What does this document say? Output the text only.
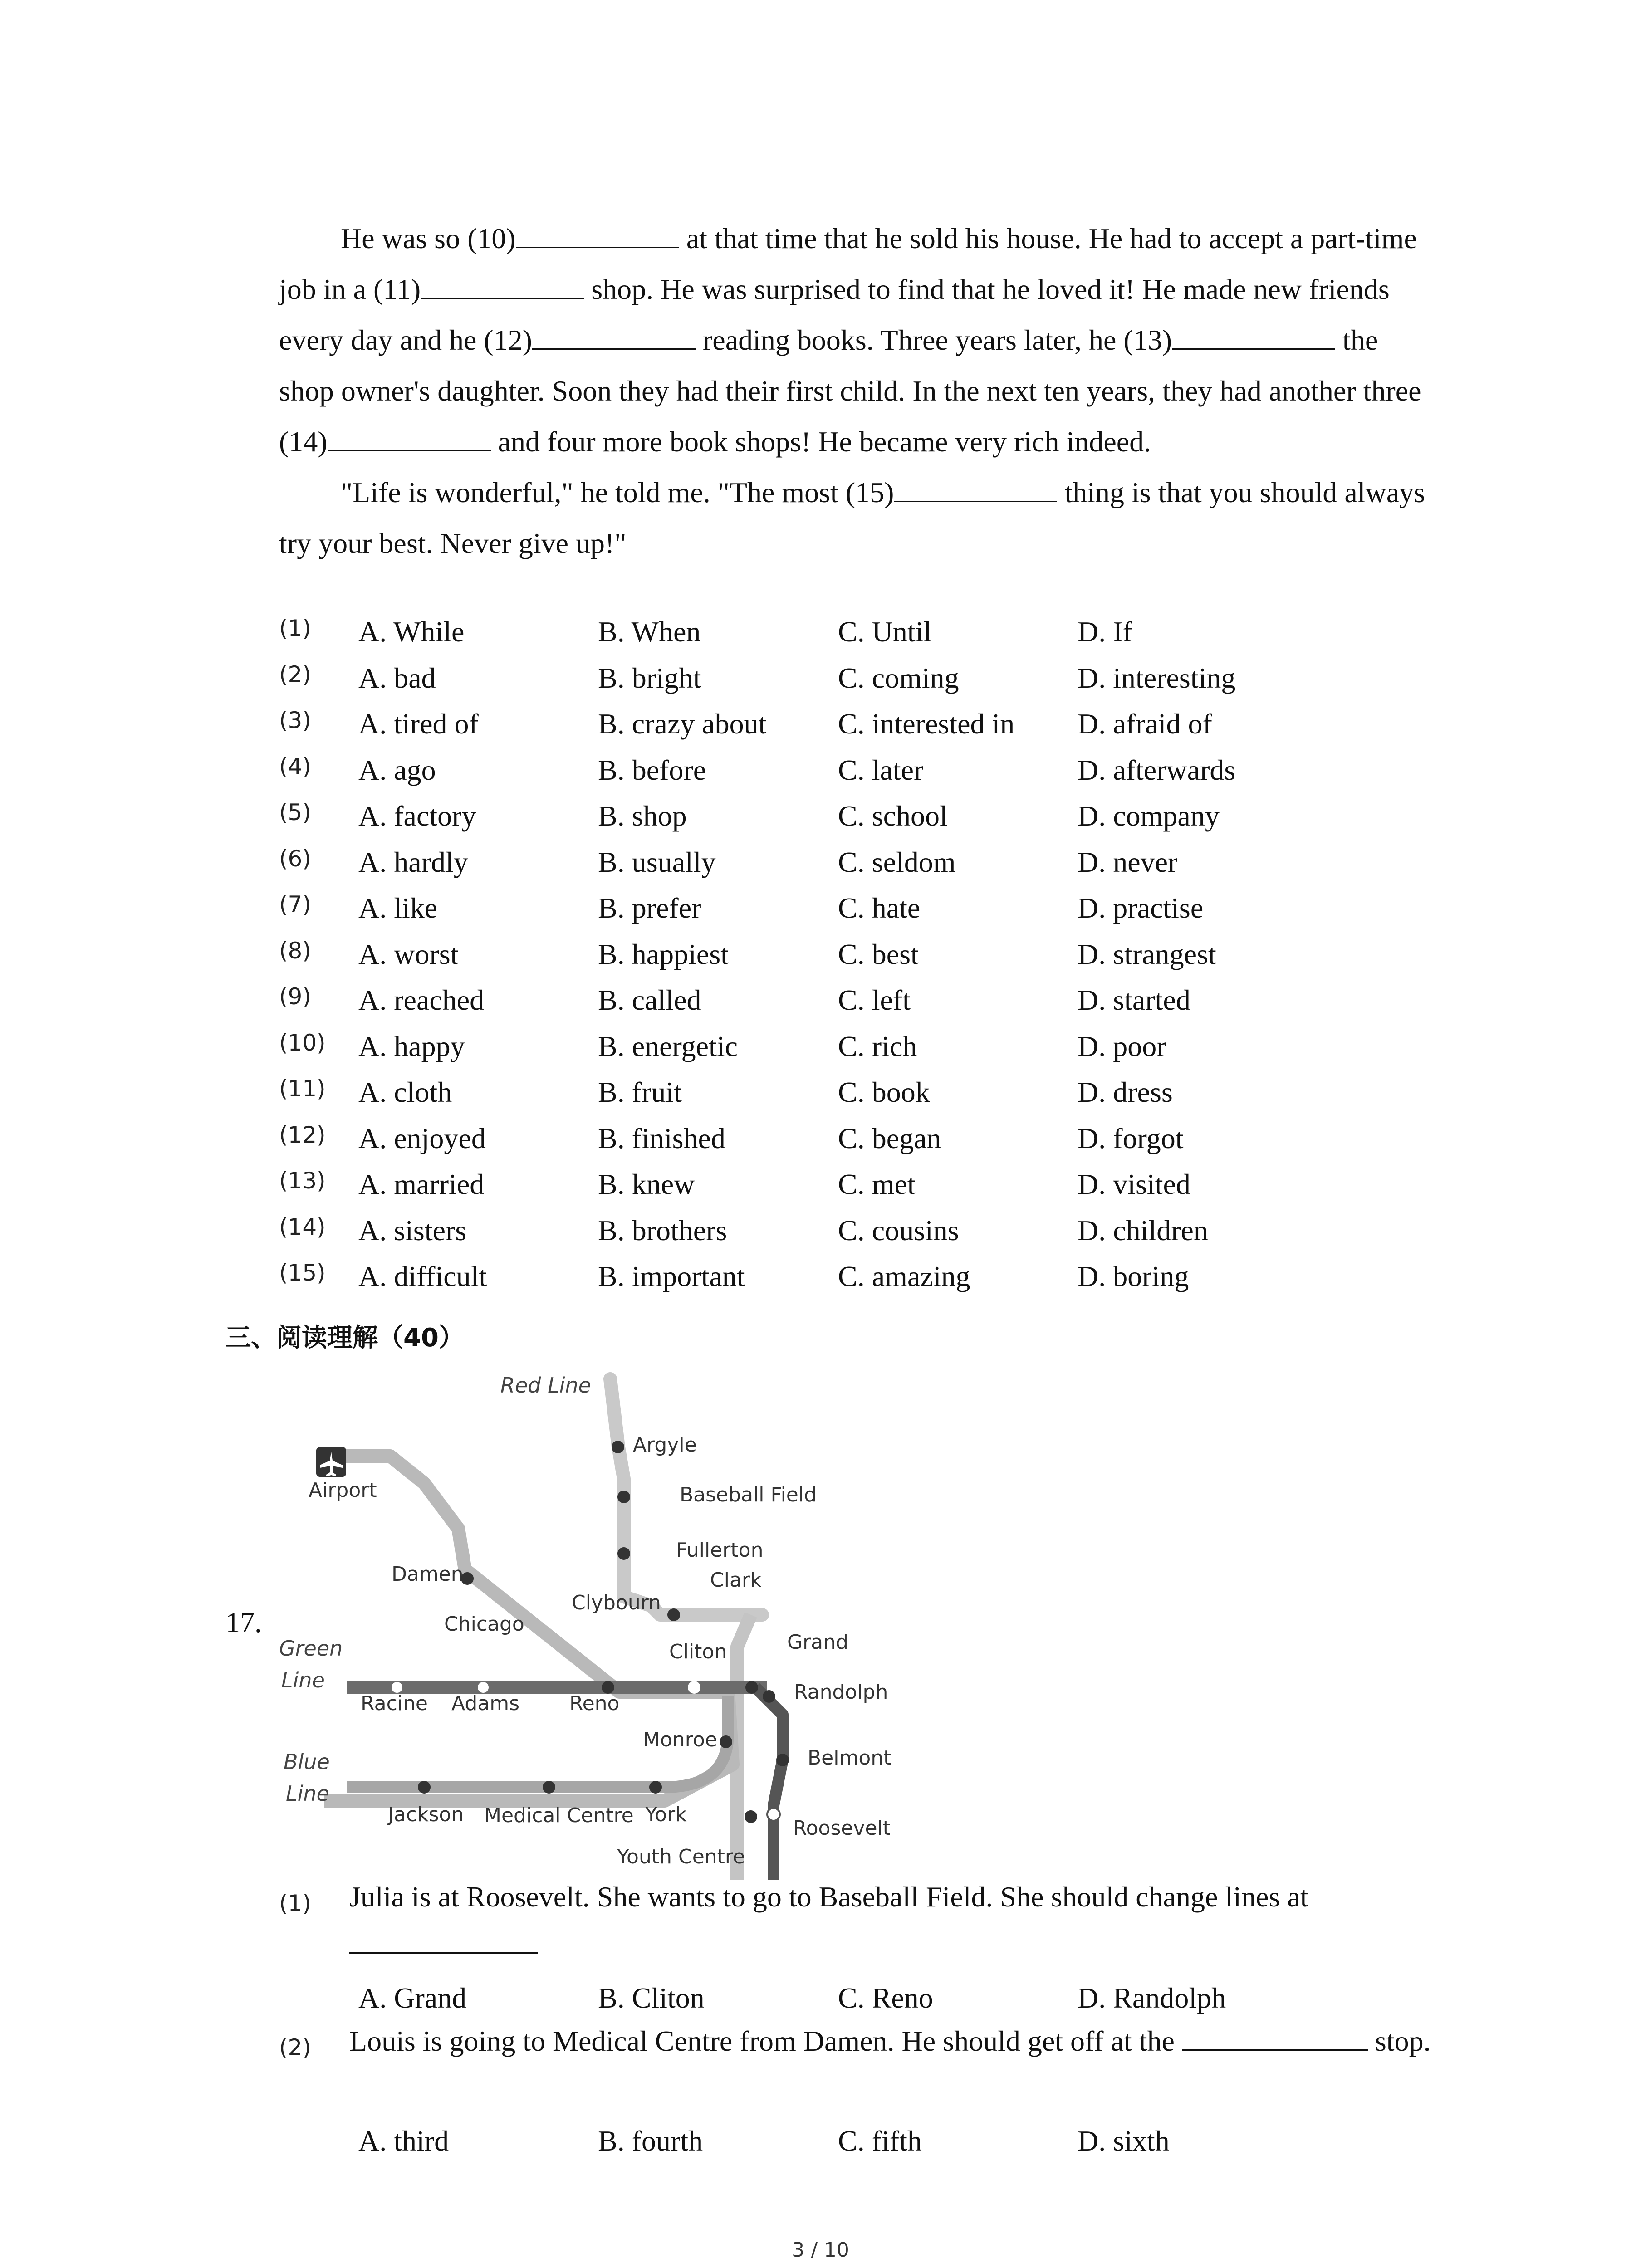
He was so (10)	at that time that he sold his house. He had to accept a part-time job in a (11)	shop. He was surprised to find that he loved it! He made new friends every day and he (12)	reading books. Three years later, he (13)	the shop owner's daughter. Soon they had their first child. In the next ten years, they had another three (14)	and four more book shops! He became very rich indeed.

"Life is wonderful," he told me. "The most (15)	thing is that you should always try your best. Never give up!"

(1) A. While	B. When	C. Until	D. If
(2) A. bad	B. bright	C. coming	D. interesting
(3) A. tired of	B. crazy about C. interested in D. afraid of
(4) A. ago	B. before	C. later	D. afterwards
(5) A. factory	B. shop	C. school	D. company
(6) A. hardly	B. usually	C. seldom	D. never
(7) A. like	B. prefer	C. hate	D. practise
(8) A. worst	B. happiest	C. best	D. strangest
(9) A. reached	B. called	C. left	D. started
(10) A. happy	B. energetic	C. rich	D. poor
(11) A. cloth	B. fruit	C. book	D. dress
(12) A. enjoyed	B. finished	C. began	D. forgot
(13) A. married	B. knew	C. met	D. visited
(14) A. sisters	B. brothers	C. cousins	D. children
(15) A. difficult	B. important	C. amazing	D. boring
三、阅读理解（40）
17.
Red Line
Green
Line
Blue
Line
Airport
Argyle
Baseball Field
Fullerton
Clark
Clybourn
Damen
Chicago
Cliton	Grand
Randolph
Racine Adams Reno
Monroe
Belmont
Jackson Medical Centre York
Roosevelt
Youth Centre
(1) Julia is at Roosevelt. She wants to go to Baseball Field. She should change lines at
A. Grand	B. Cliton	C. Reno	D. Randolph
(2) Louis is going to Medical Centre from Damen. He should get off at the	stop.
A. third	B. fourth	C. fifth	D. sixth
3 / 10
